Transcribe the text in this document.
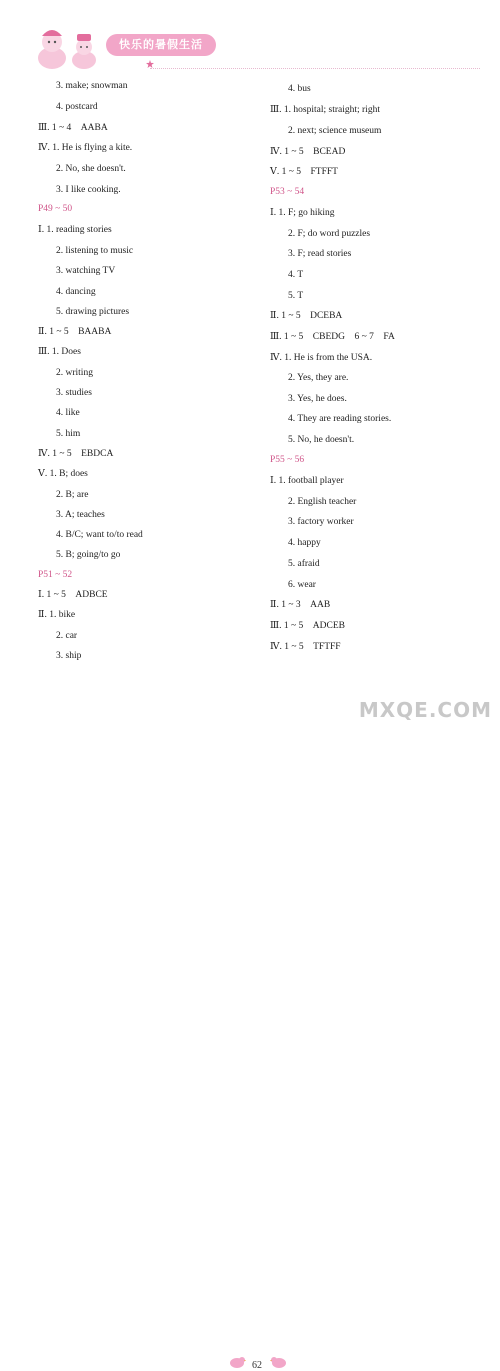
快乐的暑假生活
3. make; snowman
4. postcard
Ⅲ. 1 ~ 4　AABA
Ⅳ. 1. He is flying a kite.
2. No, she doesn't.
3. I like cooking.
P49 ~ 50
Ⅰ. 1. reading stories
2. listening to music
3. watching TV
4. dancing
5. drawing pictures
Ⅱ. 1 ~ 5　BAABA
Ⅲ. 1. Does
2. writing
3. studies
4. like
5. him
Ⅳ. 1 ~ 5　EBDCA
Ⅴ. 1. B; does
2. B; are
3. A; teaches
4. B/C; want to/to read
5. B; going/to go
P51 ~ 52
Ⅰ. 1 ~ 5　ADBCE
Ⅱ. 1. bike
2. car
3. ship
4. bus
Ⅲ. 1. hospital; straight; right
2. next; science museum
Ⅳ. 1 ~ 5　BCEAD
Ⅴ. 1 ~ 5　FTFFT
P53 ~ 54
Ⅰ. 1. F; go hiking
2. F; do word puzzles
3. F; read stories
4. T
5. T
Ⅱ. 1 ~ 5　DCEBA
Ⅲ. 1 ~ 5　CBEDG　6 ~ 7　FA
Ⅳ. 1. He is from the USA.
2. Yes, they are.
3. Yes, he does.
4. They are reading stories.
5. No, he doesn't.
P55 ~ 56
Ⅰ. 1. football player
2. English teacher
3. factory worker
4. happy
5. afraid
6. wear
Ⅱ. 1 ~ 3　AAB
Ⅲ. 1 ~ 5　ADCEB
Ⅳ. 1 ~ 5　TFTFF
62
MXQE.COM
